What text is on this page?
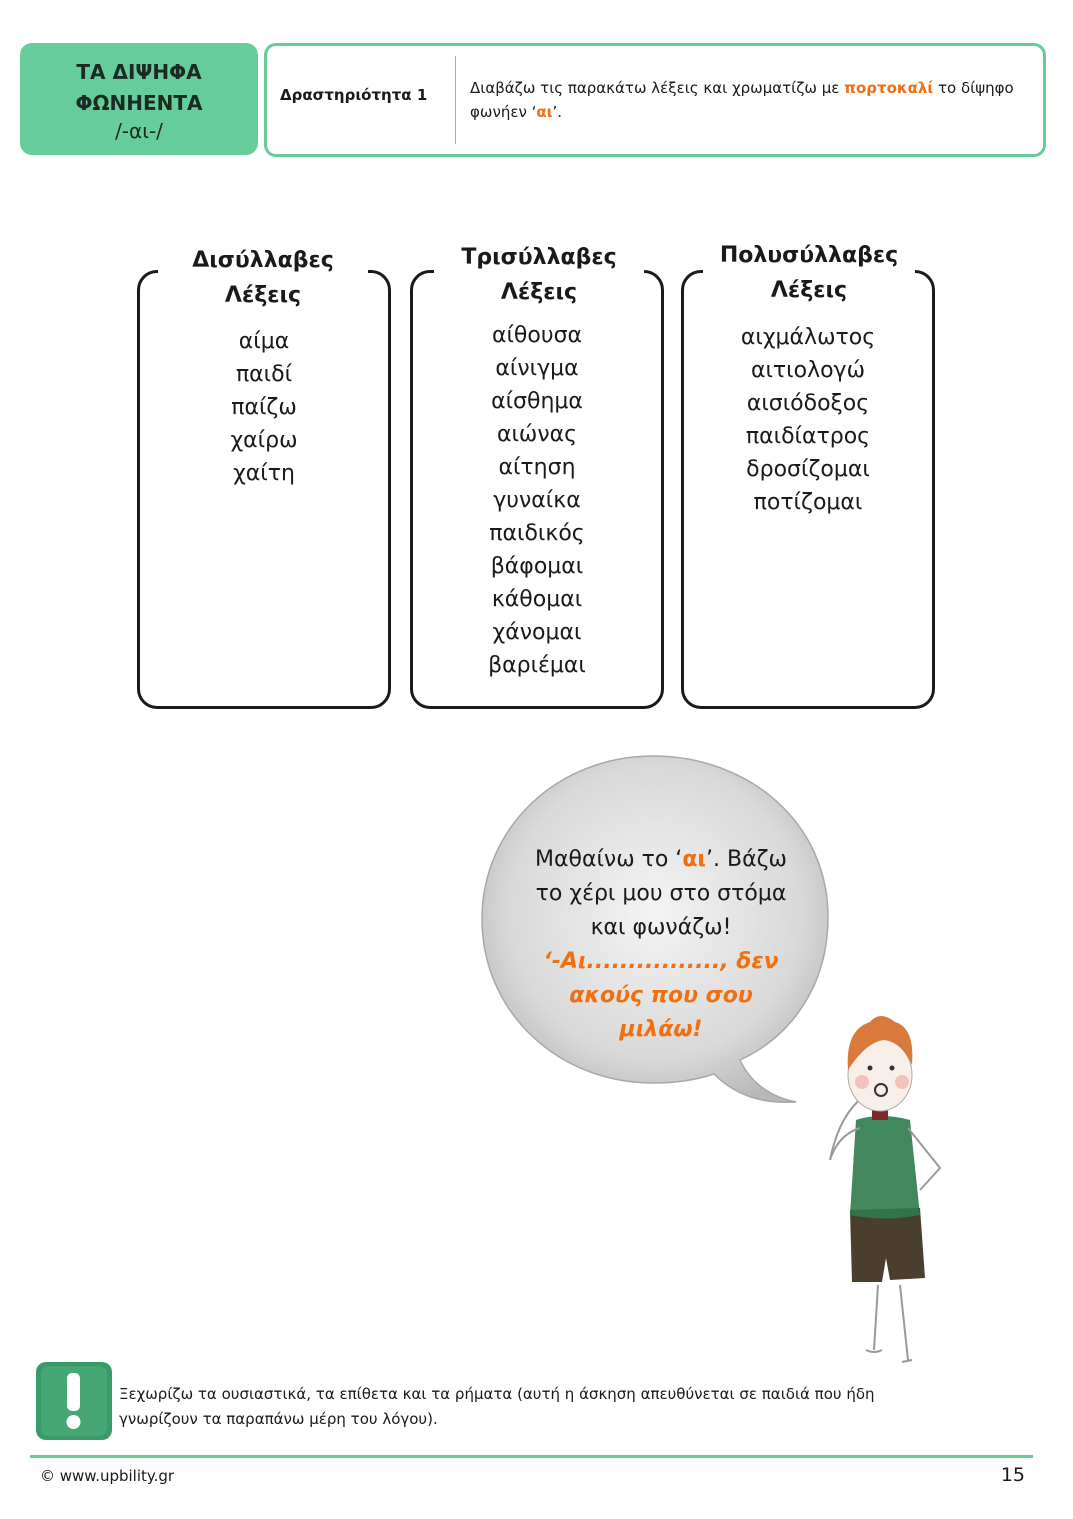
ΤΑ ΔΙΨΗΦΑ
ΦΩΝΗΕΝΤΑ
/-αι-/
Δραστηριότητα 1	Διαβάζω τις παρακάτω λέξεις και χρωματίζω με πορτοκαλί το δίψηφο φωνήεν ‘αι’.
αίμα
παιδί
παίζω
χαίρω
χαίτη
Δισύλλαβες
Λέξεις
αίθουσα
αίνιγμα
αίσθημα
αιώνας
αίτηση
γυναίκα
παιδικός
βάφομαι
κάθομαι
χάνομαι
βαριέμαι
Τρισύλλαβες
Λέξεις
αιχμάλωτος
αιτιολογώ
αισιόδοξος
παιδίατρος
δροσίζομαι
ποτίζομαι
Πολυσύλλαβες
Λέξεις
Μαθαίνω το ‘αι’. Βάζω
το χέρι μου στο στόμα
και φωνάζω!
‘-Αι................, δεν
ακούς που σου μιλάω!
Ξεχωρίζω τα ουσιαστικά, τα επίθετα και τα ρήματα (αυτή η άσκηση απευθύνεται σε παιδιά που ήδη
γνωρίζουν τα παραπάνω μέρη του λόγου).
© www.upbility.gr	15
